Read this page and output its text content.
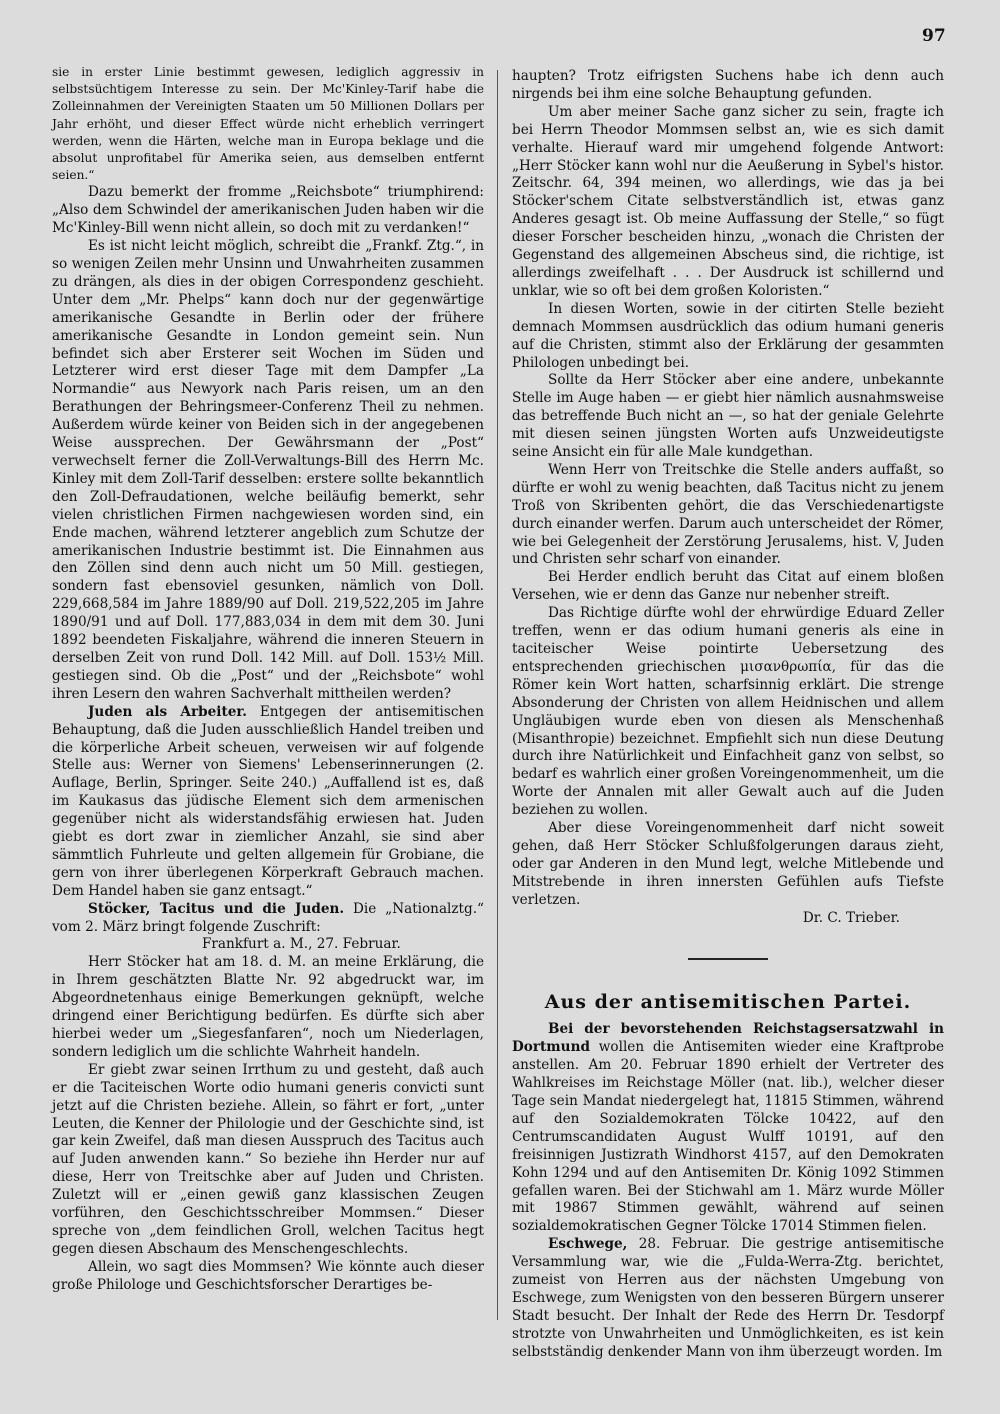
97

sie in erster Linie bestimmt gewesen, lediglich aggressiv in selbstsüchtigem Interesse zu sein. Der Mc'Kinley-Tarif habe die Zolleinnahmen der Vereinigten Staaten um 50 Millionen Dollars per Jahr erhöht, und dieser Effect würde nicht erheblich verringert werden, wenn die Härten, welche man in Europa beklage und die absolut unprofitabel für Amerika seien, aus demselben entfernt seien.“

Dazu bemerkt der fromme „Reichsbote“ triumphirend: „Also dem Schwindel der amerikanischen Juden haben wir die Mc'Kinley-Bill wenn nicht allein, so doch mit zu verdanken!“

Es ist nicht leicht möglich, schreibt die „Frankf. Ztg.“, in so wenigen Zeilen mehr Unsinn und Unwahrheiten zusammen zu drängen, als dies in der obigen Correspondenz geschieht. Unter dem „Mr. Phelps“ kann doch nur der gegenwärtige amerikanische Gesandte in Berlin oder der frühere amerikanische Gesandte in London gemeint sein. Nun befindet sich aber Ersterer seit Wochen im Süden und Letzterer wird erst dieser Tage mit dem Dampfer „La Normandie“ aus Newyork nach Paris reisen, um an den Berathungen der Behringsmeer-Conferenz Theil zu nehmen. Außerdem würde keiner von Beiden sich in der angegebenen Weise aussprechen. Der Gewährsmann der „Post“ verwechselt ferner die Zoll-Verwaltungs-Bill des Herrn Mc. Kinley mit dem Zoll-Tarif desselben: erstere sollte bekanntlich den Zoll-Defraudationen, welche beiläufig bemerkt, sehr vielen christlichen Firmen nachgewiesen worden sind, ein Ende machen, während letzterer angeblich zum Schutze der amerikanischen Industrie bestimmt ist. Die Einnahmen aus den Zöllen sind denn auch nicht um 50 Mill. gestiegen, sondern fast ebensoviel gesunken, nämlich von Doll. 229,668,584 im Jahre 1889/90 auf Doll. 219,522,205 im Jahre 1890/91 und auf Doll. 177,883,034 in dem mit dem 30. Juni 1892 beendeten Fiskaljahre, während die inneren Steuern in derselben Zeit von rund Doll. 142 Mill. auf Doll. 153½ Mill. gestiegen sind. Ob die „Post“ und der „Reichsbote“ wohl ihren Lesern den wahren Sachverhalt mittheilen werden?

Juden als Arbeiter. Entgegen der antisemitischen Behauptung, daß die Juden ausschließlich Handel treiben und die körperliche Arbeit scheuen, verweisen wir auf folgende Stelle aus: Werner von Siemens' Lebenserinnerungen (2. Auflage, Berlin, Springer. Seite 240.) „Auffallend ist es, daß im Kaukasus das jüdische Element sich dem armenischen gegenüber nicht als widerstandsfähig erwiesen hat. Juden giebt es dort zwar in ziemlicher Anzahl, sie sind aber sämmtlich Fuhrleute und gelten allgemein für Grobiane, die gern von ihrer überlegenen Körperkraft Gebrauch machen. Dem Handel haben sie ganz entsagt.“

Stöcker, Tacitus und die Juden. Die „Nationalztg.“ vom 2. März bringt folgende Zuschrift:

Frankfurt a. M., 27. Februar.

Herr Stöcker hat am 18. d. M. an meine Erklärung, die in Ihrem geschätzten Blatte Nr. 92 abgedruckt war, im Abgeordnetenhaus einige Bemerkungen geknüpft, welche dringend einer Berichtigung bedürfen. Es dürfte sich aber hierbei weder um „Siegesfanfaren“, noch um Niederlagen, sondern lediglich um die schlichte Wahrheit handeln.

Er giebt zwar seinen Irrthum zu und gesteht, daß auch er die Taciteischen Worte odio humani generis convicti sunt jetzt auf die Christen beziehe. Allein, so fährt er fort, „unter Leuten, die Kenner der Philologie und der Geschichte sind, ist gar kein Zweifel, daß man diesen Ausspruch des Tacitus auch auf Juden anwenden kann.“ So beziehe ihn Herder nur auf diese, Herr von Treitschke aber auf Juden und Christen. Zuletzt will er „einen gewiß ganz klassischen Zeugen vorführen, den Geschichtsschreiber Mommsen.“ Dieser spreche von „dem feindlichen Groll, welchen Tacitus hegt gegen diesen Abschaum des Menschengeschlechts.

Allein, wo sagt dies Mommsen? Wie könnte auch dieser große Philologe und Geschichtsforscher Derartiges be-

haupten? Trotz eifrigsten Suchens habe ich denn auch nirgends bei ihm eine solche Behauptung gefunden.

Um aber meiner Sache ganz sicher zu sein, fragte ich bei Herrn Theodor Mommsen selbst an, wie es sich damit verhalte. Hierauf ward mir umgehend folgende Antwort: „Herr Stöcker kann wohl nur die Aeußerung in Sybel's histor. Zeitschr. 64, 394 meinen, wo allerdings, wie das ja bei Stöcker'schem Citate selbstverständlich ist, etwas ganz Anderes gesagt ist. Ob meine Auffassung der Stelle,“ so fügt dieser Forscher bescheiden hinzu, „wonach die Christen der Gegenstand des allgemeinen Abscheus sind, die richtige, ist allerdings zweifelhaft . . . Der Ausdruck ist schillernd und unklar, wie so oft bei dem großen Koloristen.“

In diesen Worten, sowie in der citirten Stelle bezieht demnach Mommsen ausdrücklich das odium humani generis auf die Christen, stimmt also der Erklärung der gesammten Philologen unbedingt bei.

Sollte da Herr Stöcker aber eine andere, unbekannte Stelle im Auge haben — er giebt hier nämlich ausnahmsweise das betreffende Buch nicht an —, so hat der geniale Gelehrte mit diesen seinen jüngsten Worten aufs Unzweideutigste seine Ansicht ein für alle Male kundgethan.

Wenn Herr von Treitschke die Stelle anders auffaßt, so dürfte er wohl zu wenig beachten, daß Tacitus nicht zu jenem Troß von Skribenten gehört, die das Verschiedenartigste durch einander werfen. Darum auch unterscheidet der Römer, wie bei Gelegenheit der Zerstörung Jerusalems, hist. V, Juden und Christen sehr scharf von einander.

Bei Herder endlich beruht das Citat auf einem bloßen Versehen, wie er denn das Ganze nur nebenher streift.

Das Richtige dürfte wohl der ehrwürdige Eduard Zeller treffen, wenn er das odium humani generis als eine in taciteischer Weise pointirte Uebersetzung des entsprechenden griechischen μισανθρωπία, für das die Römer kein Wort hatten, scharfsinnig erklärt. Die strenge Absonderung der Christen von allem Heidnischen und allem Ungläubigen wurde eben von diesen als Menschenhaß (Misanthropie) bezeichnet. Empfiehlt sich nun diese Deutung durch ihre Natürlichkeit und Einfachheit ganz von selbst, so bedarf es wahrlich einer großen Voreingenommenheit, um die Worte der Annalen mit aller Gewalt auch auf die Juden beziehen zu wollen.

Aber diese Voreingenommenheit darf nicht soweit gehen, daß Herr Stöcker Schlußfolgerungen daraus zieht, oder gar Anderen in den Mund legt, welche Mitlebende und Mitstrebende in ihren innersten Gefühlen aufs Tiefste verletzen.

Dr. C. Trieber.

Aus der antisemitischen Partei.

Bei der bevorstehenden Reichstagsersatzwahl in Dortmund wollen die Antisemiten wieder eine Kraftprobe anstellen. Am 20. Februar 1890 erhielt der Vertreter des Wahlkreises im Reichstage Möller (nat. lib.), welcher dieser Tage sein Mandat niedergelegt hat, 11815 Stimmen, während auf den Sozialdemokraten Tölcke 10422, auf den Centrumscandidaten August Wulff 10191, auf den freisinnigen Justizrath Windhorst 4157, auf den Demokraten Kohn 1294 und auf den Antisemiten Dr. König 1092 Stimmen gefallen waren. Bei der Stichwahl am 1. März wurde Möller mit 19867 Stimmen gewählt, während auf seinen sozialdemokratischen Gegner Tölcke 17014 Stimmen fielen.

Eschwege, 28. Februar. Die gestrige antisemitische Versammlung war, wie die „Fulda-Werra-Ztg. berichtet, zumeist von Herren aus der nächsten Umgebung von Eschwege, zum Wenigsten von den besseren Bürgern unserer Stadt besucht. Der Inhalt der Rede des Herrn Dr. Tesdorpf strotzte von Unwahrheiten und Unmöglichkeiten, es ist kein selbstständig denkender Mann von ihm überzeugt worden. Im
